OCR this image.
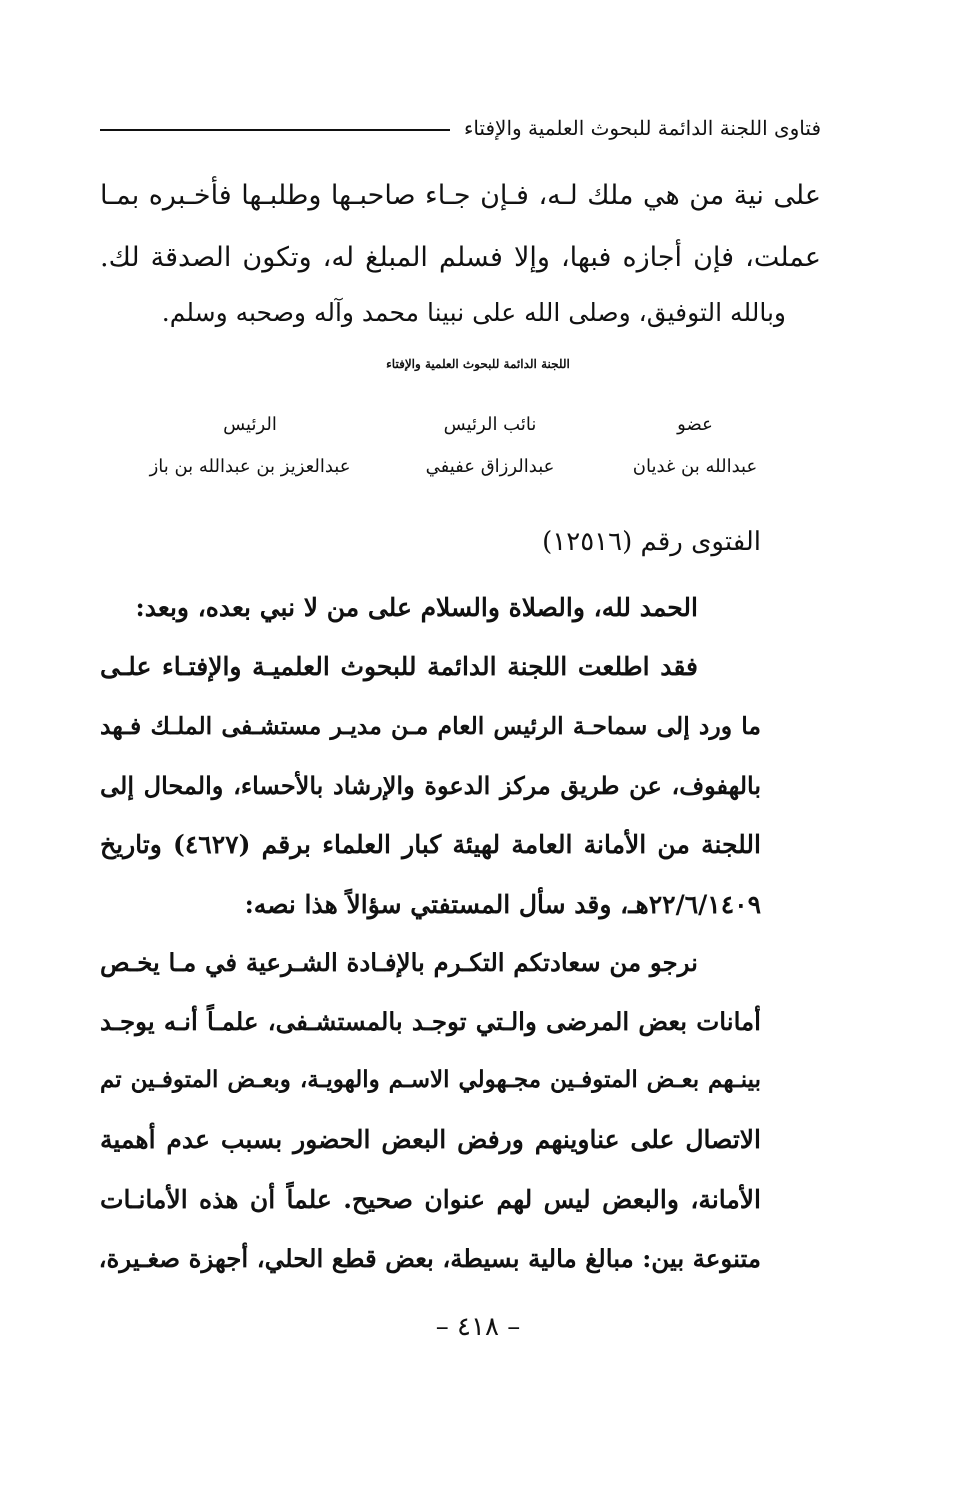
فتاوى اللجنة الدائمة للبحوث العلمية والإفتاء
على نية من هي ملك لـه، فـإن جـاء صاحبـها وطلبـها فأخـبره بمـا
عملت، فإن أجازه فبها، وإلا فسلم المبلغ له، وتكون الصدقة لك.
وبالله التوفيق، وصلى الله على نبينا محمد وآله وصحبه وسلم.
اللجنة الدائمة للبحوث العلمية والإفتاء
عضو
عبدالله بن غديان
نائب الرئيس
عبدالرزاق عفيفي
الرئيس
عبدالعزيز بن عبدالله بن باز
الفتوى رقم (١٢٥١٦)
الحمد لله، والصلاة والسلام على من لا نبي بعده، وبعد:
فقد اطلعت اللجنة الدائمة للبحوث العلميـة والإفتـاء علـى
ما ورد إلى سماحـة الرئيس العام مـن مديـر مستشـفى الملـك فـهد
بالهفوف، عن طريق مركز الدعوة والإرشاد بالأحساء، والمحال إلى
اللجنة من الأمانة العامة لهيئة كبار العلماء برقم (٤٦٢٧) وتاريخ
٢٢/٦/١٤٠٩هـ، وقد سأل المستفتي سؤالاً هذا نصه:
نرجو من سعادتكم التكـرم بالإفـادة الشـرعية في مـا يخـص
أمانات بعض المرضى والـتي توجـد بالمستشـفى، علمـاً أنـه يوجـد
بينـهم بعـض المتوفـين مجـهولي الاسـم والهويـة، وبعـض المتوفـين تم
الاتصال على عناوينهم ورفض البعض الحضور بسبب عدم أهمية
الأمانة، والبعض ليس لهم عنوان صحيح. علماً أن هذه الأمانـات
متنوعة بين: مبالغ مالية بسيطة، بعض قطع الحلي، أجهزة صغـيرة،
– ٤١٨ –
